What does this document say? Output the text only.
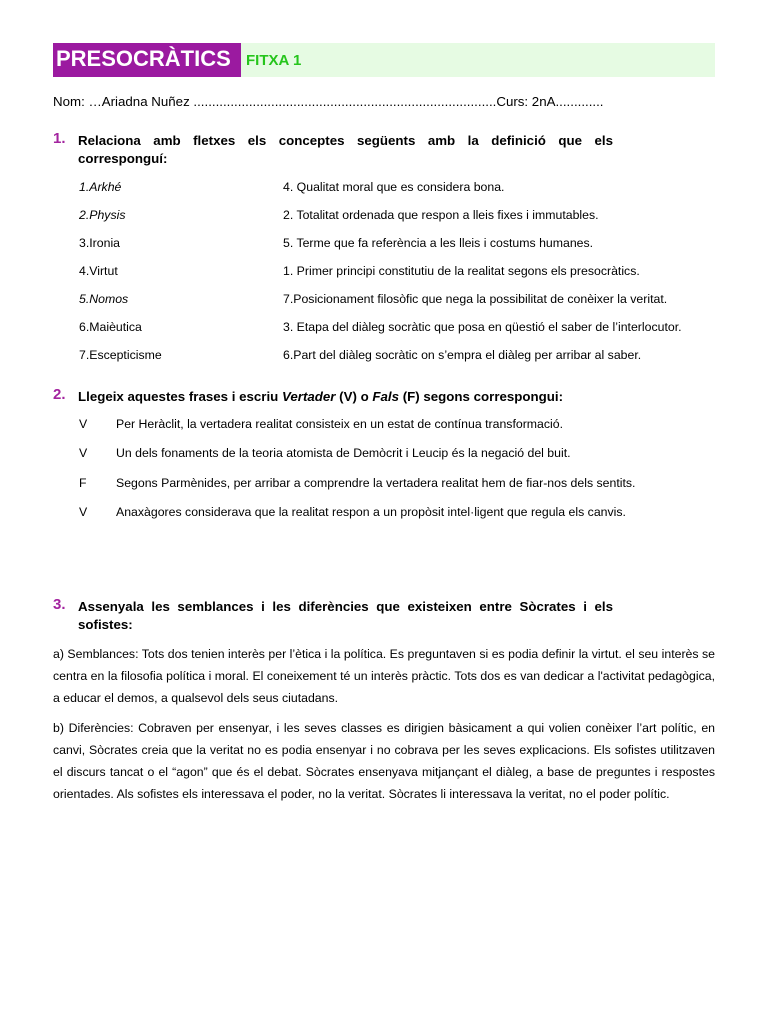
PRESOCRÀTICS	FITXA 1
Nom: …Ariadna Nuñez ..................................................................................Curs: 2nA.............
1. Relaciona amb fletxes els conceptes següents amb la definició que els corresponguí:
1.Arkhé	4. Qualitat moral que es considera bona.
2.Physis	2. Totalitat ordenada que respon a lleis fixes i immutables.
3.Ironia	5. Terme que fa referència a les lleis i costums humanes.
4.Virtut	1. Primer principi constitutiu de la realitat segons els presocràtics.
5.Nomos	7.Posicionament filosòfic que nega la possibilitat de conèixer la veritat.
6.Maièutica	3. Etapa del diàleg socràtic que posa en qüestió el saber de l’interlocutor.
7.Escepticisme	6.Part del diàleg socràtic on s’empra el diàleg per arribar al saber.
2. Llegeix aquestes frases i escriu Vertader (V) o Fals (F) segons correspongui:
V Per Heràclit, la vertadera realitat consisteix en un estat de contínua transformació.
V Un dels fonaments de la teoria atomista de Demòcrit i Leucip és la negació del buit.
F Segons Parmènides, per arribar a comprendre la vertadera realitat hem de fiar-nos dels sentits.
V Anaxàgores considerava que la realitat respon a un propòsit intel·ligent que regula els canvis.
3. Assenyala les semblances i les diferències que existeixen entre Sòcrates i els sofistes:
a) Semblances: Tots dos tenien interès per l’ètica i la política. Es preguntaven si es podia definir la virtut. el seu interès se centra en la filosofia política i moral. El coneixement té un interès pràctic. Tots dos es van dedicar a l'activitat pedagògica, a educar el demos, a qualsevol dels seus ciutadans.
b) Diferències: Cobraven per ensenyar, i les seves classes es dirigien bàsicament a qui volien conèixer l’art polític, en canvi, Sòcrates creia que la veritat no es podia ensenyar i no cobrava per les seves explicacions. Els sofistes utilitzaven el discurs tancat o el “agon” que és el debat. Sòcrates ensenyava mitjançant el diàleg, a base de preguntes i respostes orientades. Als sofistes els interessava el poder, no la veritat. Sòcrates li interessava la veritat, no el poder polític.
